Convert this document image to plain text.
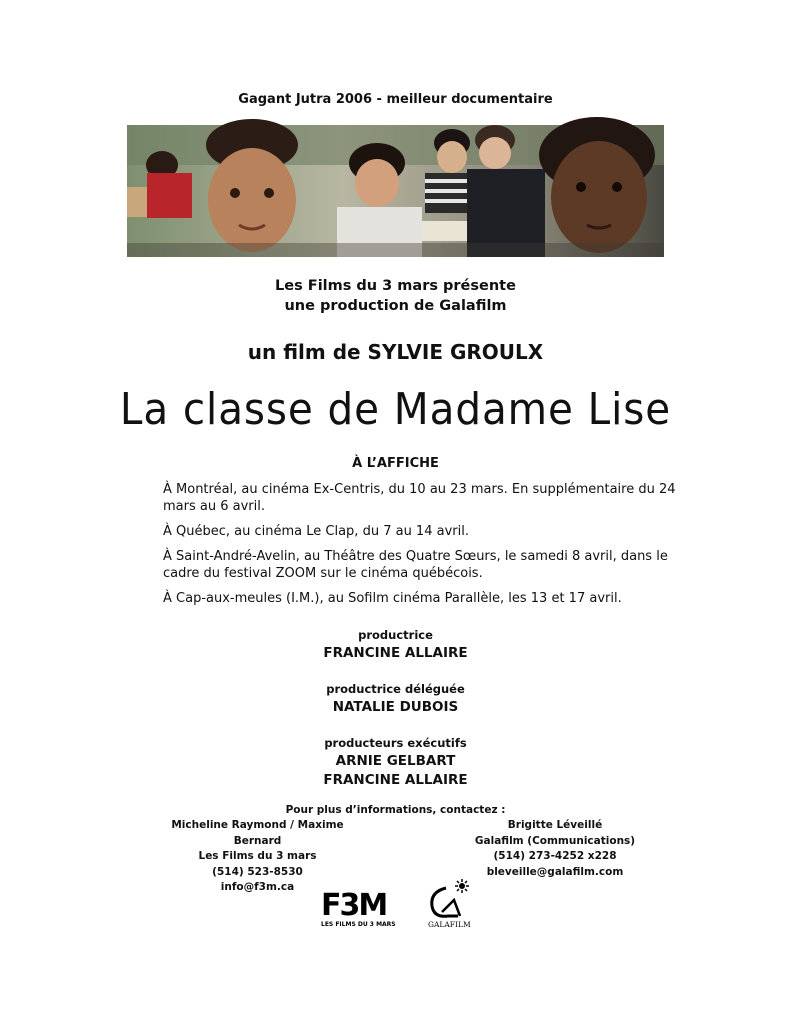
Gagant Jutra 2006 - meilleur documentaire
Les Films du 3 mars présente
une production de Galafilm
un film de SYLVIE GROULX
La classe de Madame Lise
À L’AFFICHE
À Montréal, au cinéma Ex-Centris, du 10 au 23 mars. En supplémentaire du 24 mars au 6 avril.
À Québec, au cinéma Le Clap, du 7 au 14 avril.
À Saint-André-Avelin, au Théâtre des Quatre Sœurs, le samedi 8 avril, dans le cadre du festival ZOOM sur le cinéma québécois.
À Cap-aux-meules (I.M.), au Sofilm cinéma Parallèle, les 13 et 17 avril.
productrice
FRANCINE ALLAIRE
productrice déléguée
NATALIE DUBOIS
producteurs exécutifs
ARNIE GELBART
FRANCINE ALLAIRE
Pour plus d’informations, contactez :
Micheline Raymond / Maxime Bernard
Les Films du 3 mars
(514) 523-8530
info@f3m.ca
Brigitte Léveillé
Galafilm (Communications)
(514) 273-4252 x228
bleveille@galafilm.com
F3M
LES FILMS DU 3 MARS	GALAFILM
